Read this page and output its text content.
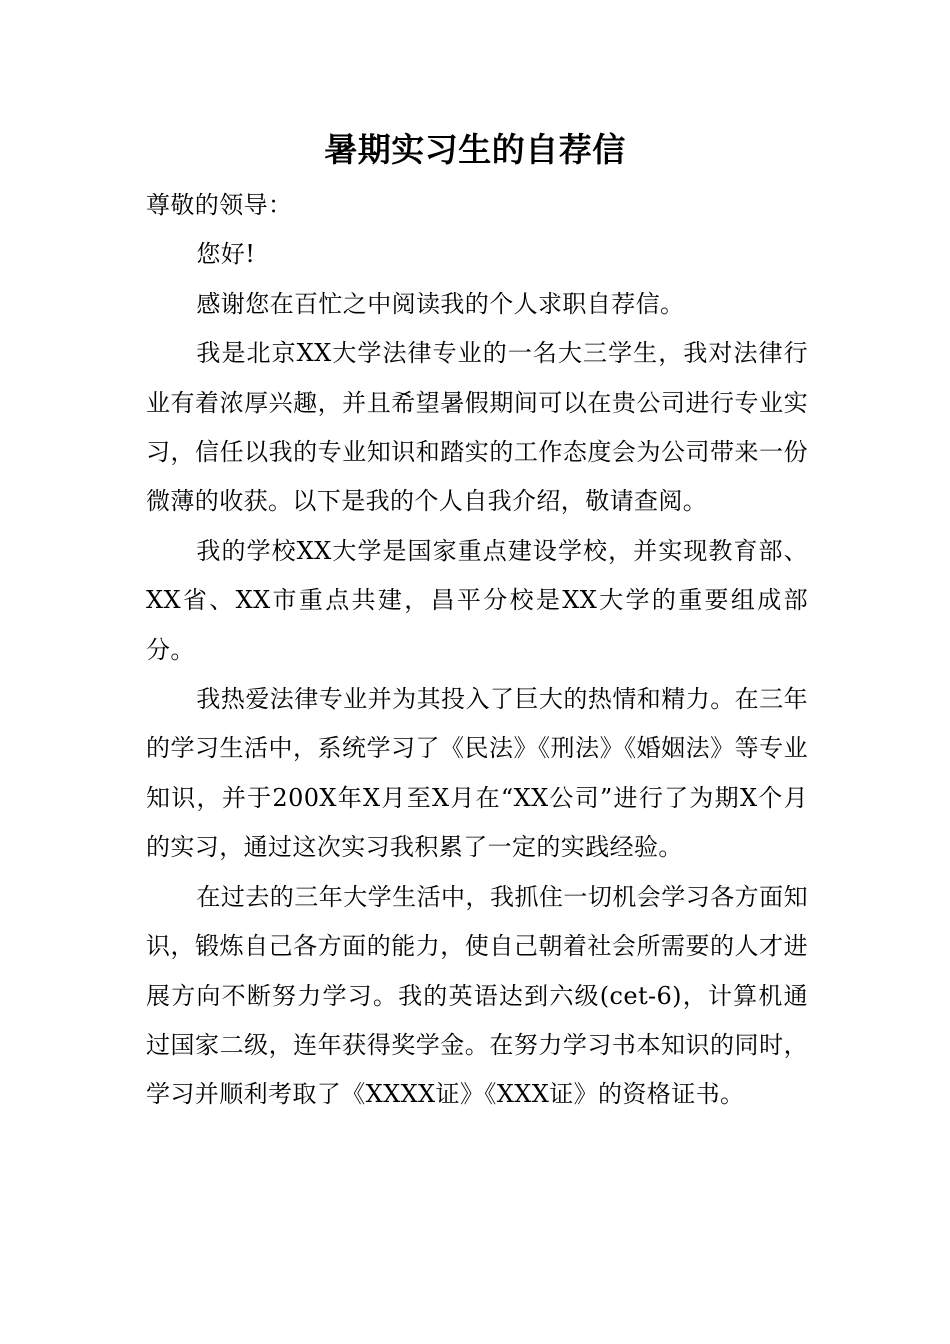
暑期实习生的自荐信

尊敬的领导：

您好!

感谢您在百忙之中阅读我的个人求职自荐信。

我是北京XX大学法律专业的一名大三学生，我对法律行业有着浓厚兴趣，并且希望暑假期间可以在贵公司进行专业实习，信任以我的专业知识和踏实的工作态度会为公司带来一份微薄的收获。以下是我的个人自我介绍，敬请查阅。

我的学校XX大学是国家重点建设学校，并实现教育部、XX省、XX市重点共建，昌平分校是XX大学的重要组成部分。

我热爱法律专业并为其投入了巨大的热情和精力。在三年的学习生活中，系统学习了《民法》《刑法》《婚姻法》等专业知识，并于200X年X月至X月在“XX公司”进行了为期X个月的实习，通过这次实习我积累了一定的实践经验。

在过去的三年大学生活中，我抓住一切机会学习各方面知识，锻炼自己各方面的能力，使自己朝着社会所需要的人才进展方向不断努力学习。我的英语达到六级(cet-6)，计算机通过国家二级，连年获得奖学金。在努力学习书本知识的同时，学习并顺利考取了《XXXX证》《XXX证》的资格证书。
